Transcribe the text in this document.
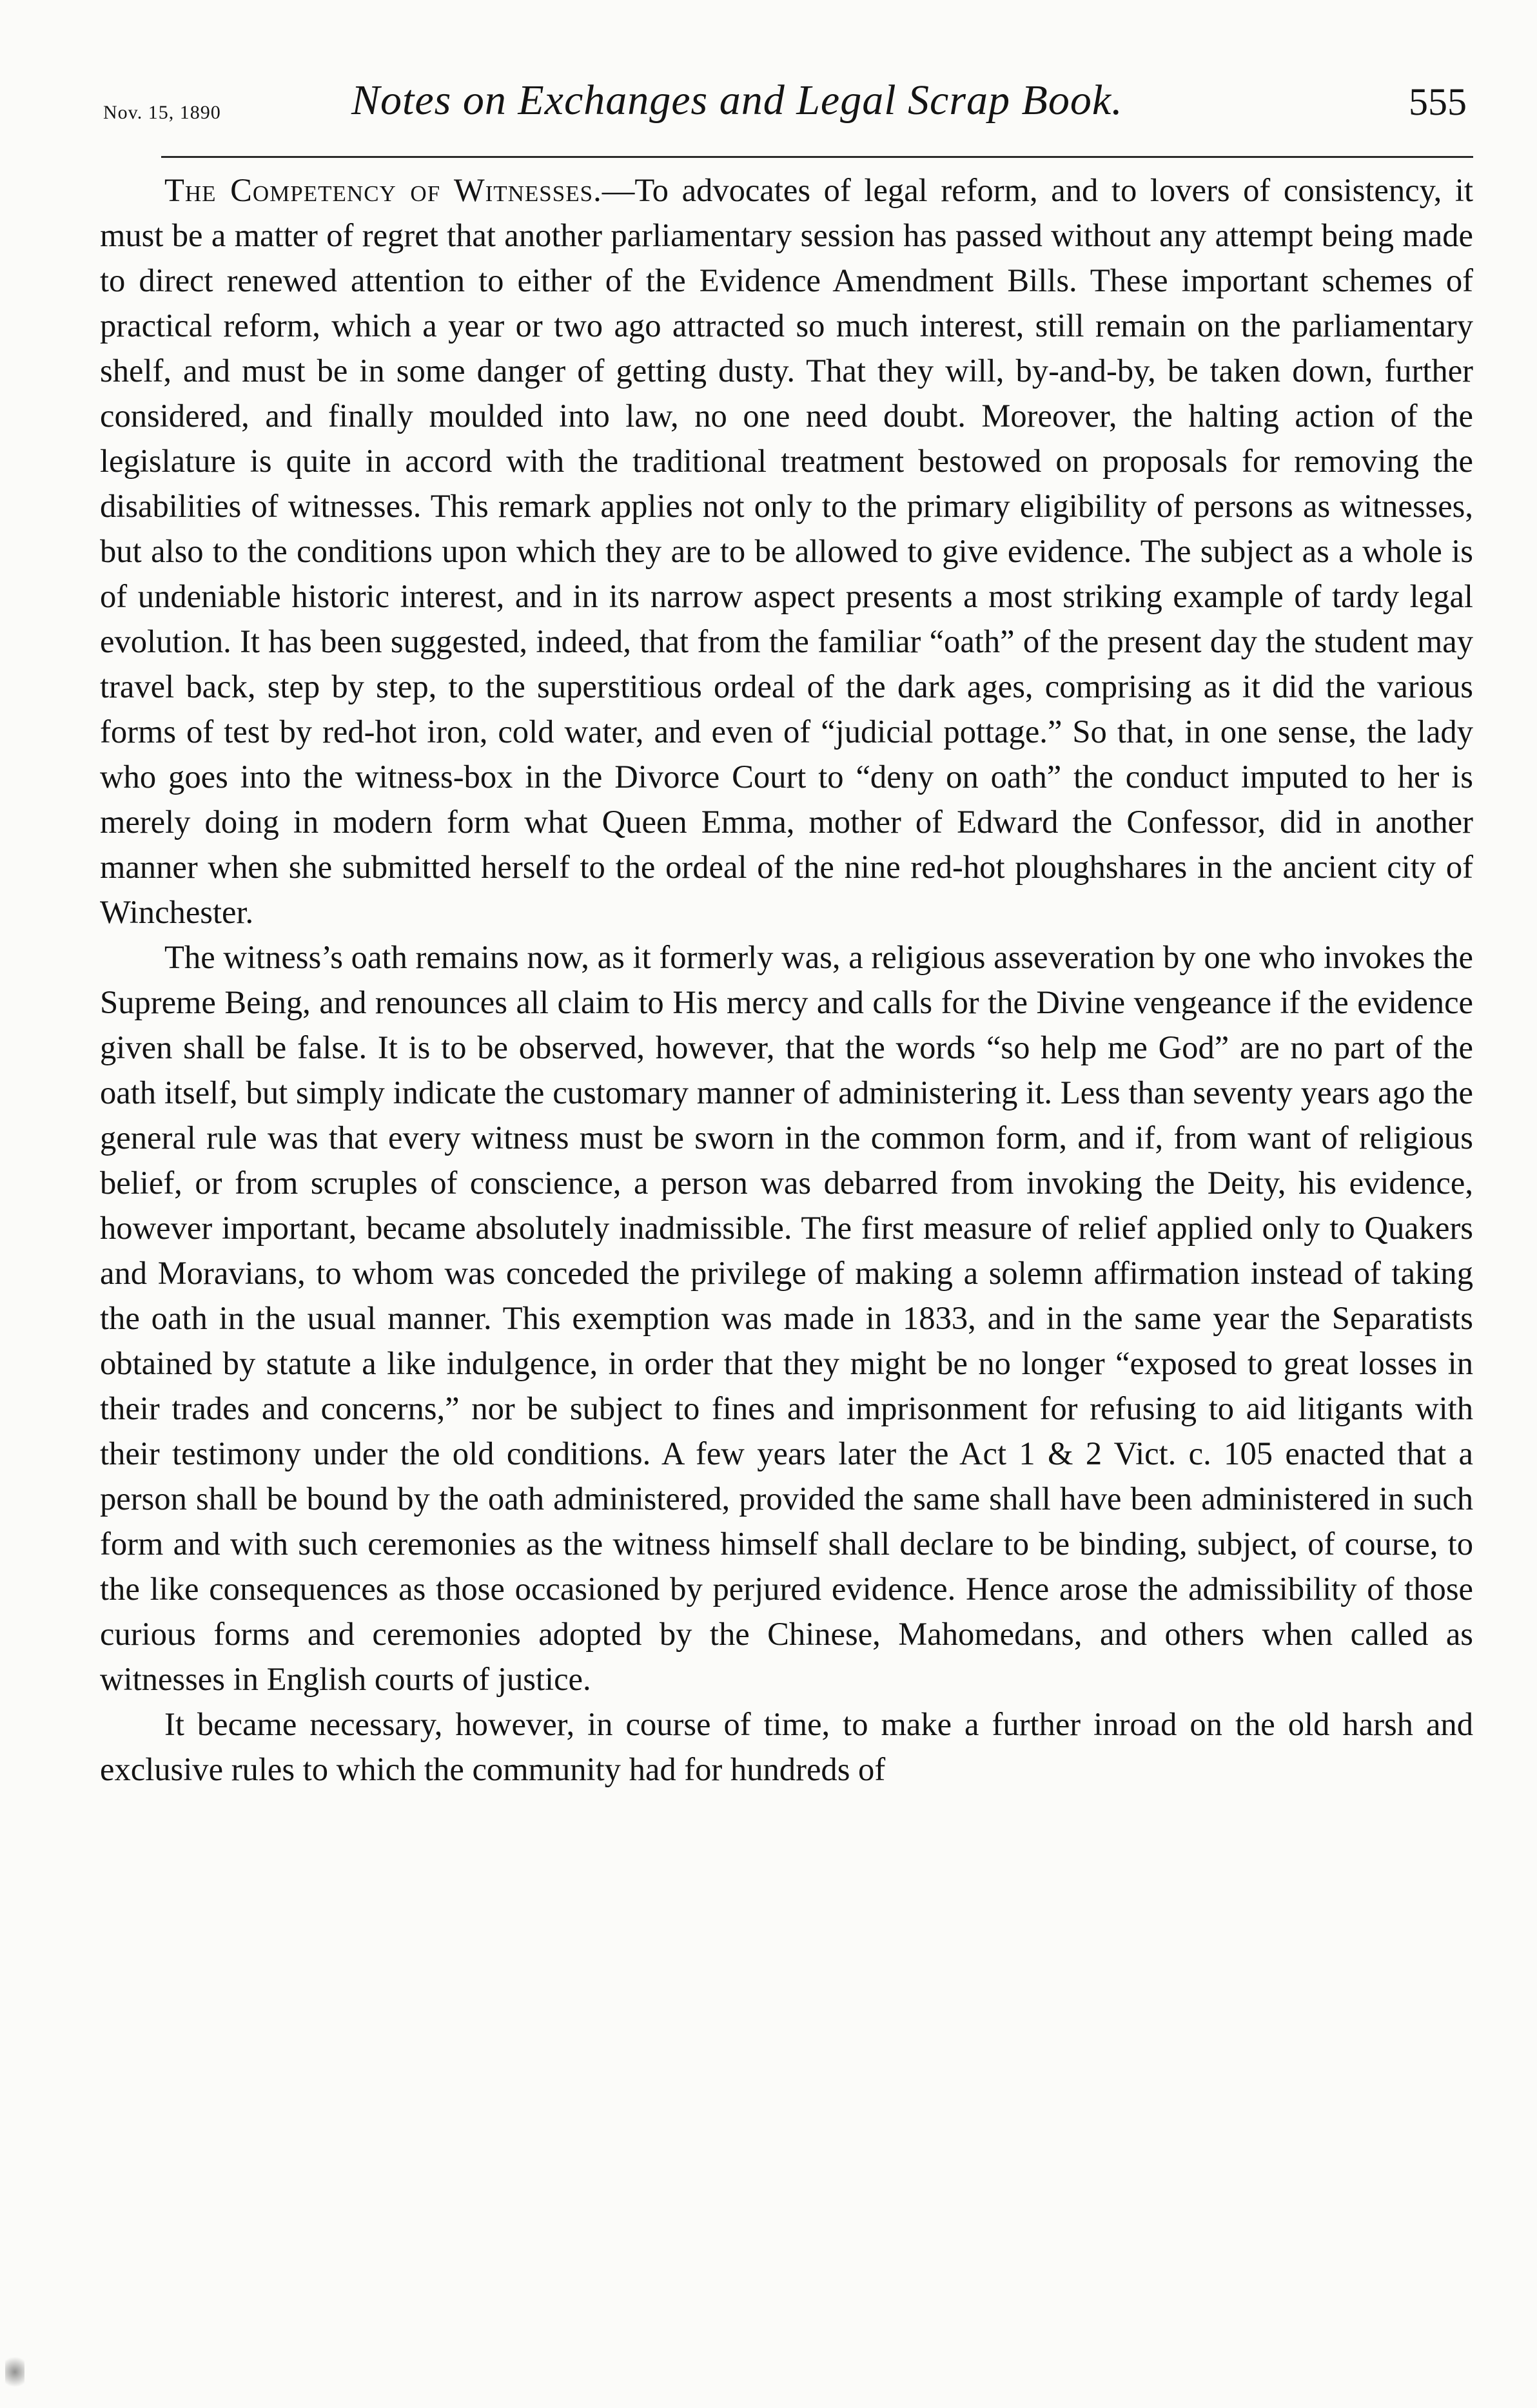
Nov. 15, 1890	Notes on Exchanges and Legal Scrap Book.	555

The Competency of Witnesses.—To advocates of legal reform, and to lovers of consistency, it must be a matter of regret that another parliamentary session has passed without any attempt being made to direct renewed attention to either of the Evidence Amendment Bills. These important schemes of practical reform, which a year or two ago attracted so much interest, still remain on the parliamentary shelf, and must be in some danger of getting dusty. That they will, by-and-by, be taken down, further considered, and finally moulded into law, no one need doubt. Moreover, the halting action of the legislature is quite in accord with the traditional treatment bestowed on proposals for removing the disabilities of witnesses. This remark applies not only to the primary eligibility of persons as witnesses, but also to the conditions upon which they are to be allowed to give evidence. The subject as a whole is of undeniable historic interest, and in its narrow aspect presents a most striking example of tardy legal evolution. It has been suggested, indeed, that from the familiar “oath” of the present day the student may travel back, step by step, to the superstitious ordeal of the dark ages, comprising as it did the various forms of test by red-hot iron, cold water, and even of “judicial pottage.” So that, in one sense, the lady who goes into the witness-box in the Divorce Court to “deny on oath” the conduct imputed to her is merely doing in modern form what Queen Emma, mother of Edward the Confessor, did in another manner when she submitted herself to the ordeal of the nine red-hot ploughshares in the ancient city of Winchester.

The witness’s oath remains now, as it formerly was, a religious asseveration by one who invokes the Supreme Being, and renounces all claim to His mercy and calls for the Divine vengeance if the evidence given shall be false. It is to be observed, however, that the words “so help me God” are no part of the oath itself, but simply indicate the customary manner of administering it. Less than seventy years ago the general rule was that every witness must be sworn in the common form, and if, from want of religious belief, or from scruples of conscience, a person was debarred from invoking the Deity, his evidence, however important, became absolutely inadmissible. The first measure of relief applied only to Quakers and Moravians, to whom was conceded the privilege of making a solemn affirmation instead of taking the oath in the usual manner. This exemption was made in 1833, and in the same year the Separatists obtained by statute a like indulgence, in order that they might be no longer “exposed to great losses in their trades and concerns,” nor be subject to fines and imprisonment for refusing to aid litigants with their testimony under the old conditions. A few years later the Act 1 & 2 Vict. c. 105 enacted that a person shall be bound by the oath administered, provided the same shall have been administered in such form and with such ceremonies as the witness himself shall declare to be binding, subject, of course, to the like consequences as those occasioned by perjured evidence. Hence arose the admissibility of those curious forms and ceremonies adopted by the Chinese, Mahomedans, and others when called as witnesses in English courts of justice.

It became necessary, however, in course of time, to make a further inroad on the old harsh and exclusive rules to which the community had for hundreds of
